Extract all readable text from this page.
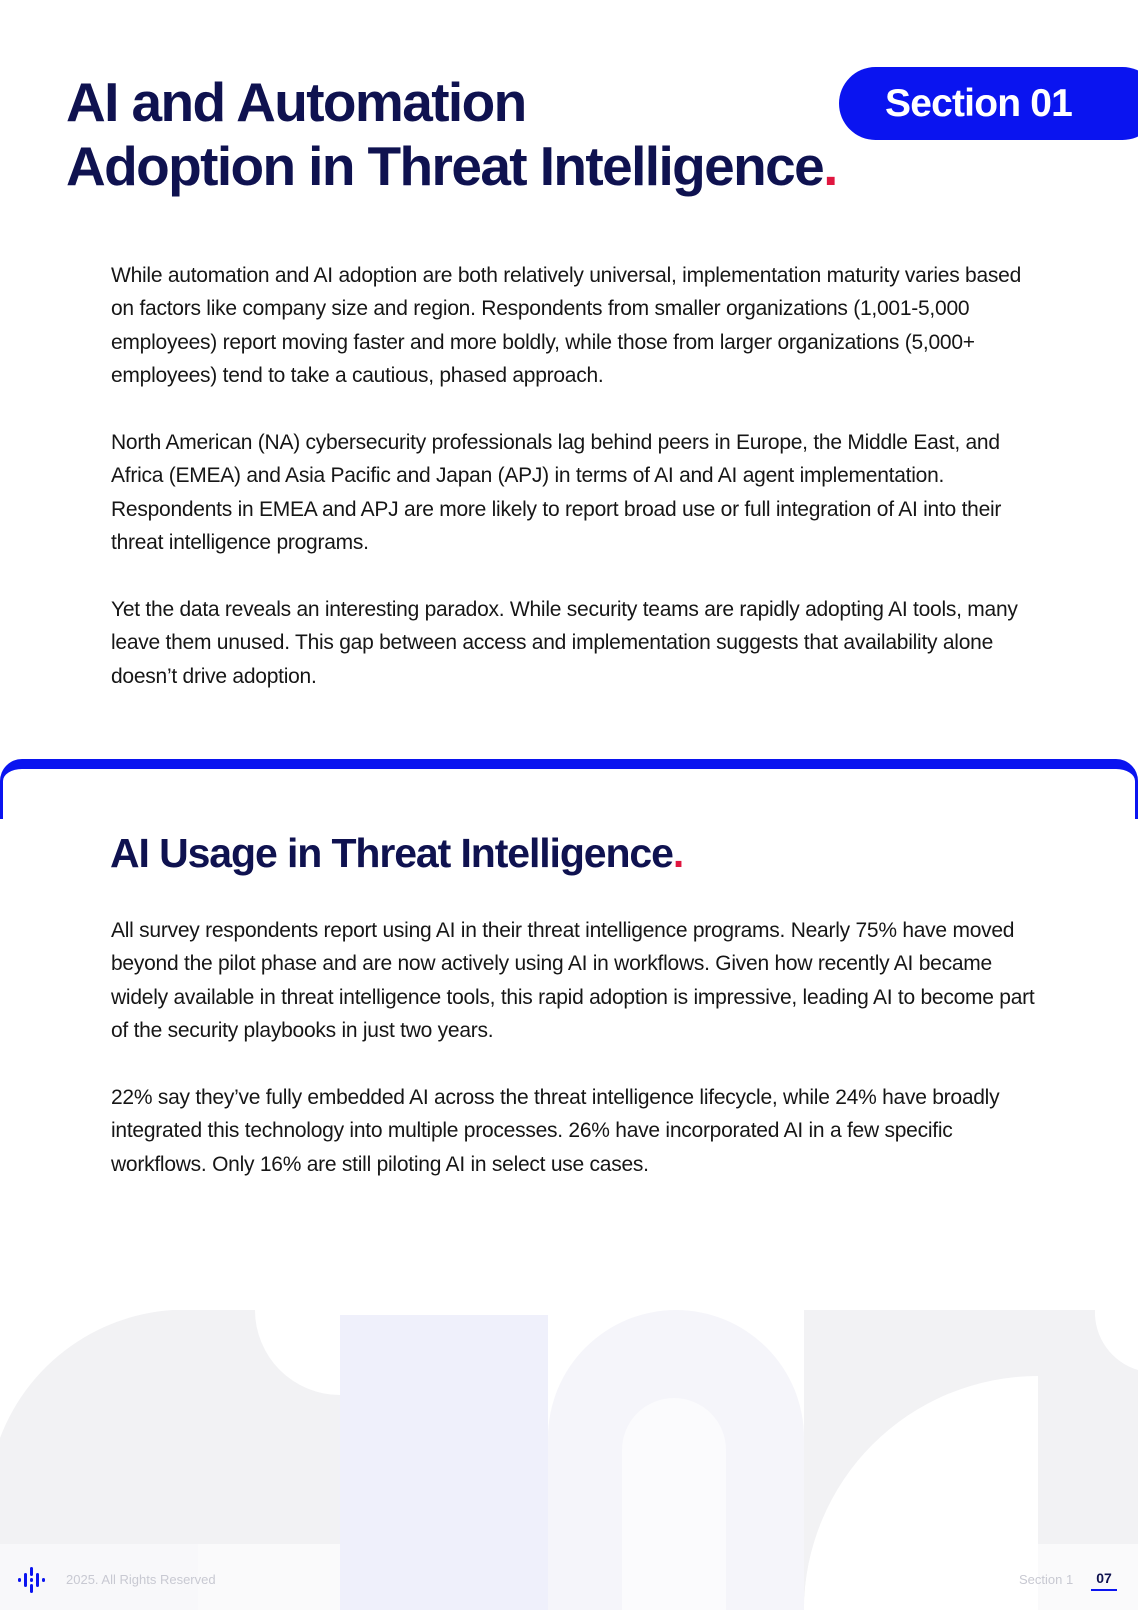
AI and Automation
Adoption in Threat Intelligence.
Section 01

While automation and AI adoption are both relatively universal, implementation maturity varies based on factors like company size and region. Respondents from smaller organizations (1,001-5,000 employees) report moving faster and more boldly, while those from larger organizations (5,000+ employees) tend to take a cautious, phased approach.

North American (NA) cybersecurity professionals lag behind peers in Europe, the Middle East, and Africa (EMEA) and Asia Pacific and Japan (APJ) in terms of AI and AI agent implementation. Respondents in EMEA and APJ are more likely to report broad use or full integration of AI into their threat intelligence programs.

Yet the data reveals an interesting paradox. While security teams are rapidly adopting AI tools, many leave them unused. This gap between access and implementation suggests that availability alone doesn’t drive adoption.

AI Usage in Threat Intelligence.

All survey respondents report using AI in their threat intelligence programs. Nearly 75% have moved beyond the pilot phase and are now actively using AI in workflows. Given how recently AI became widely available in threat intelligence tools, this rapid adoption is impressive, leading AI to become part of the security playbooks in just two years.

22% say they’ve fully embedded AI across the threat intelligence lifecycle, while 24% have broadly integrated this technology into multiple processes. 26% have incorporated AI in a few specific workflows. Only 16% are still piloting AI in select use cases.

2025. All Rights Reserved	Section 1	07
